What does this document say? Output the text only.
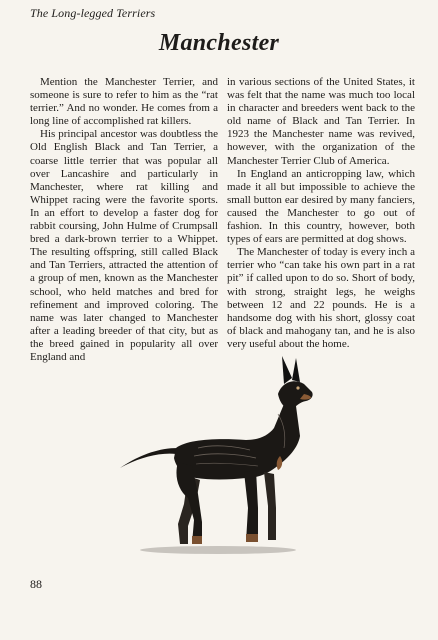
The Long-legged Terriers
Manchester

Mention the Manchester Terrier, and someone is sure to refer to him as the “rat terrier.” And no wonder. He comes from a long line of accomplished rat killers.

His principal ancestor was doubtless the Old English Black and Tan Terrier, a coarse little terrier that was popular all over Lancashire and particularly in Manchester, where rat killing and Whippet racing were the favorite sports. In an effort to develop a faster dog for rabbit coursing, John Hulme of Crumpsall bred a dark-brown terrier to a Whippet. The resulting offspring, still called Black and Tan Terriers, attracted the attention of a group of men, known as the Manchester school, who held matches and bred for refinement and improved coloring. The name was later changed to Manchester after a leading breeder of that city, but as the breed gained in popularity all over England and

in various sections of the United States, it was felt that the name was much too local in character and breeders went back to the old name of Black and Tan Terrier. In 1923 the Manchester name was revived, however, with the organization of the Manchester Terrier Club of America.

In England an anticropping law, which made it all but impossible to achieve the small button ear desired by many fanciers, caused the Manchester to go out of fashion. In this country, however, both types of ears are permitted at dog shows.

The Manchester of today is every inch a terrier who “can take his own part in a rat pit” if called upon to do so. Short of body, with strong, straight legs, he weighs between 12 and 22 pounds. He is a handsome dog with his short, glossy coat of black and mahogany tan, and he is also very useful about the home.

88
